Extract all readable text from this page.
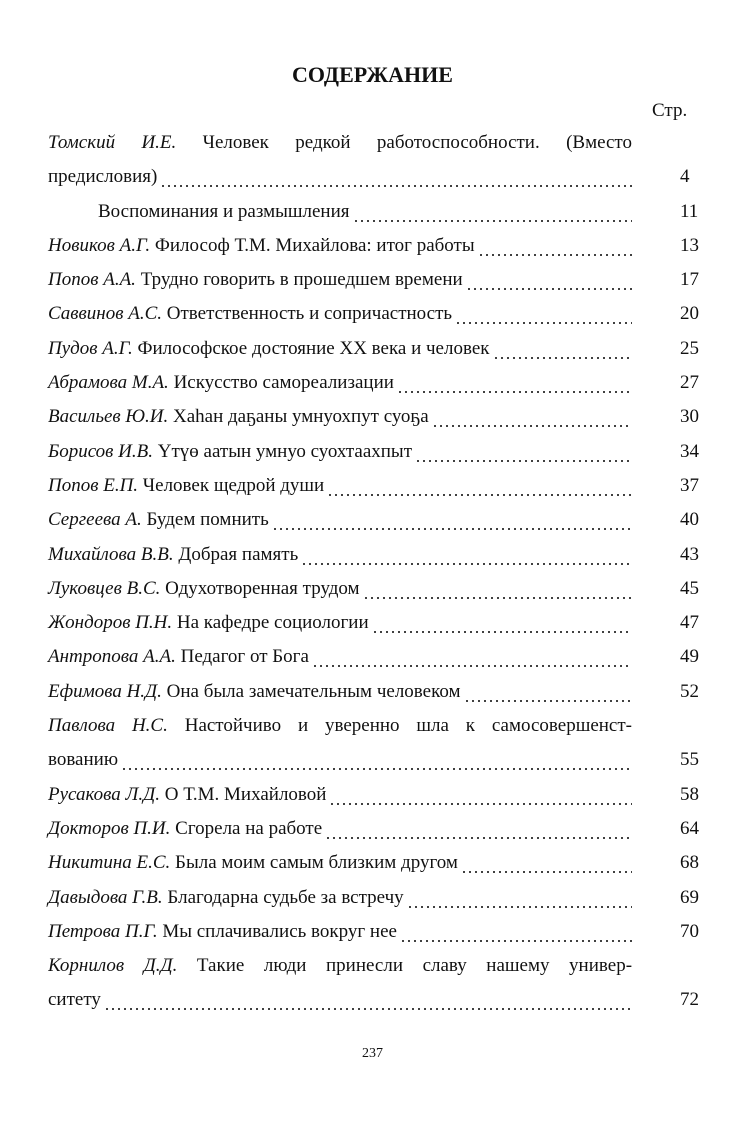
СОДЕРЖАНИЕ
Стр.
Томский И.Е. Человек редкой работоспособности. (Вместо
предисловия)	4
Воспоминания и размышления	11
Новиков А.Г.
Философ Т.М. Михайлова: итог работы	13
Попов А.А.
Трудно говорить в прошедшем времени	17
Саввинов А.С.
Ответственность и сопричастность	20
Пудов А.Г.
Философское достояние XX века и человек	25
Абрамова М.А.
Искусство самореализации	27
Васильев Ю.И.
Хаһан даҕаны умнуохпут суоҕа	30
Борисов И.В.
Үтүө аатын умнуо суохтаахпыт	34
Попов Е.П.
Человек щедрой души	37
Сергеева А.
Будем помнить	40
Михайлова В.В.
Добрая память	43
Луковцев В.С.
Одухотворенная трудом	45
Жондоров П.Н.
На кафедре социологии	47
Антропова А.А.
Педагог от Бога	49
Ефимова Н.Д.
Она была замечательным человеком	52
Павлова Н.С. Настойчиво и уверенно шла к самосовершенст-
вованию	55
Русакова Л.Д.
О Т.М. Михайловой	58
Докторов П.И.
Сгорела на работе	64
Никитина Е.С.
Была моим самым близким другом	68
Давыдова Г.В.
Благодарна судьбе за встречу	69
Петрова П.Г.
Мы сплачивались вокруг нее	70
Корнилов Д.Д. Такие люди принесли славу нашему универ-
ситету	72
237
